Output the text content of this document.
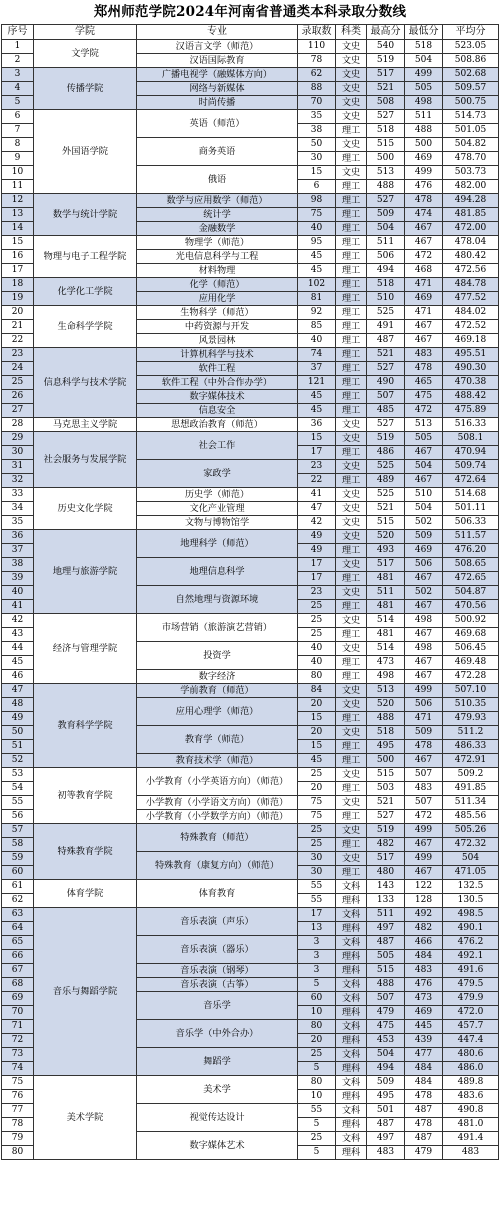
郑州师范学院2024年河南省普通类本科录取分数线
序号	学院	专业	录取数	科类	最高分	最低分	平均分
1	文学院	汉语言文学（师范）	110	文史	540	518	523.05
2		汉语国际教育	78	文史	519	504	508.86
3	传播学院	广播电视学（融媒体方向）	62	文史	517	499	502.68
4		网络与新媒体	88	文史	521	505	509.57
5		时尚传播	70	文史	508	498	500.75
6	外国语学院	英语（师范）	35	文史	527	511	514.73
7			38	理工	518	488	501.05
8		商务英语	50	文史	515	500	504.82
9			30	理工	500	469	478.70
10		俄语	15	文史	513	499	503.73
11			6	理工	488	476	482.00
12	数学与统计学院	数学与应用数学（师范）	98	理工	527	478	494.28
13		统计学	75	理工	509	474	481.85
14		金融数学	40	理工	504	467	472.00
15	物理与电子工程学院	物理学（师范）	95	理工	511	467	478.04
16		光电信息科学与工程	45	理工	506	472	480.42
17		材料物理	45	理工	494	468	472.56
18	化学化工学院	化学（师范）	102	理工	518	471	484.78
19		应用化学	81	理工	510	469	477.52
20	生命科学学院	生物科学（师范）	92	理工	525	471	484.02
21		中药资源与开发	85	理工	491	467	472.52
22		风景园林	40	理工	487	467	469.18
23	信息科学与技术学院	计算机科学与技术	74	理工	521	483	495.51
24		软件工程	37	理工	527	478	490.30
25		软件工程（中外合作办学）	121	理工	490	465	470.38
26		数字媒体技术	45	理工	507	475	488.42
27		信息安全	45	理工	485	472	475.89
28	马克思主义学院	思想政治教育（师范）	36	文史	527	513	516.33
29	社会服务与发展学院	社会工作	15	文史	519	505	508.1
30			17	理工	486	467	470.94
31		家政学	23	文史	525	504	509.74
32			22	理工	489	467	472.64
33	历史文化学院	历史学（师范）	41	文史	525	510	514.68
34		文化产业管理	47	文史	521	504	501.11
35		文物与博物馆学	42	文史	515	502	506.33
36	地理与旅游学院	地理科学（师范）	49	文史	520	509	511.57
37			49	理工	493	469	476.20
38		地理信息科学	17	文史	517	506	508.65
39			17	理工	481	467	472.65
40		自然地理与资源环境	23	文史	511	502	504.87
41			25	理工	481	467	470.56
42	经济与管理学院	市场营销（旅游演艺营销）	25	文史	514	498	500.92
43			25	理工	481	467	469.68
44		投资学	40	文史	514	498	506.45
45			40	理工	473	467	469.48
46		数字经济	80	理工	498	467	472.28
47	教育科学学院	学前教育（师范）	84	文史	513	499	507.10
48		应用心理学（师范）	20	文史	520	506	510.35
49			15	理工	488	471	479.93
50		教育学（师范）	20	文史	518	509	511.2
51			15	理工	495	478	486.33
52		教育技术学（师范）	45	理工	500	467	472.91
53	初等教育学院	小学教育（小学英语方向）（师范）	25	文史	515	507	509.2
54			20	理工	503	483	491.85
55		小学教育（小学语文方向）（师范）	75	文史	521	507	511.34
56		小学教育（小学数学方向）（师范）	75	理工	527	472	485.56
57	特殊教育学院	特殊教育（师范）	25	文史	519	499	505.26
58			25	理工	482	467	472.32
59		特殊教育（康复方向）（师范）	30	文史	517	499	504
60			30	理工	480	467	471.05
61	体育学院	体育教育	55	文科	143	122	132.5
62			55	理科	133	128	130.5
63	音乐与舞蹈学院	音乐表演（声乐）	17	文科	511	492	498.5
64			13	理科	497	482	490.1
65		音乐表演（器乐）	3	文科	487	466	476.2
66			3	理科	505	484	492.1
67		音乐表演（钢琴）	3	理科	515	483	491.6
68		音乐表演（古筝）	5	文科	488	476	479.5
69		音乐学	60	文科	507	473	479.9
70			10	理科	479	469	472.0
71		音乐学（中外合办）	80	文科	475	445	457.7
72			20	理科	453	439	447.4
73		舞蹈学	25	文科	504	477	480.6
74			5	理科	494	484	486.0
75	美术学院	美术学	80	文科	509	484	489.8
76			10	理科	495	478	483.6
77		视觉传达设计	55	文科	501	487	490.8
78			5	理科	487	478	481.0
79		数字媒体艺术	25	文科	497	487	491.4
80			5	理科	483	479	483
